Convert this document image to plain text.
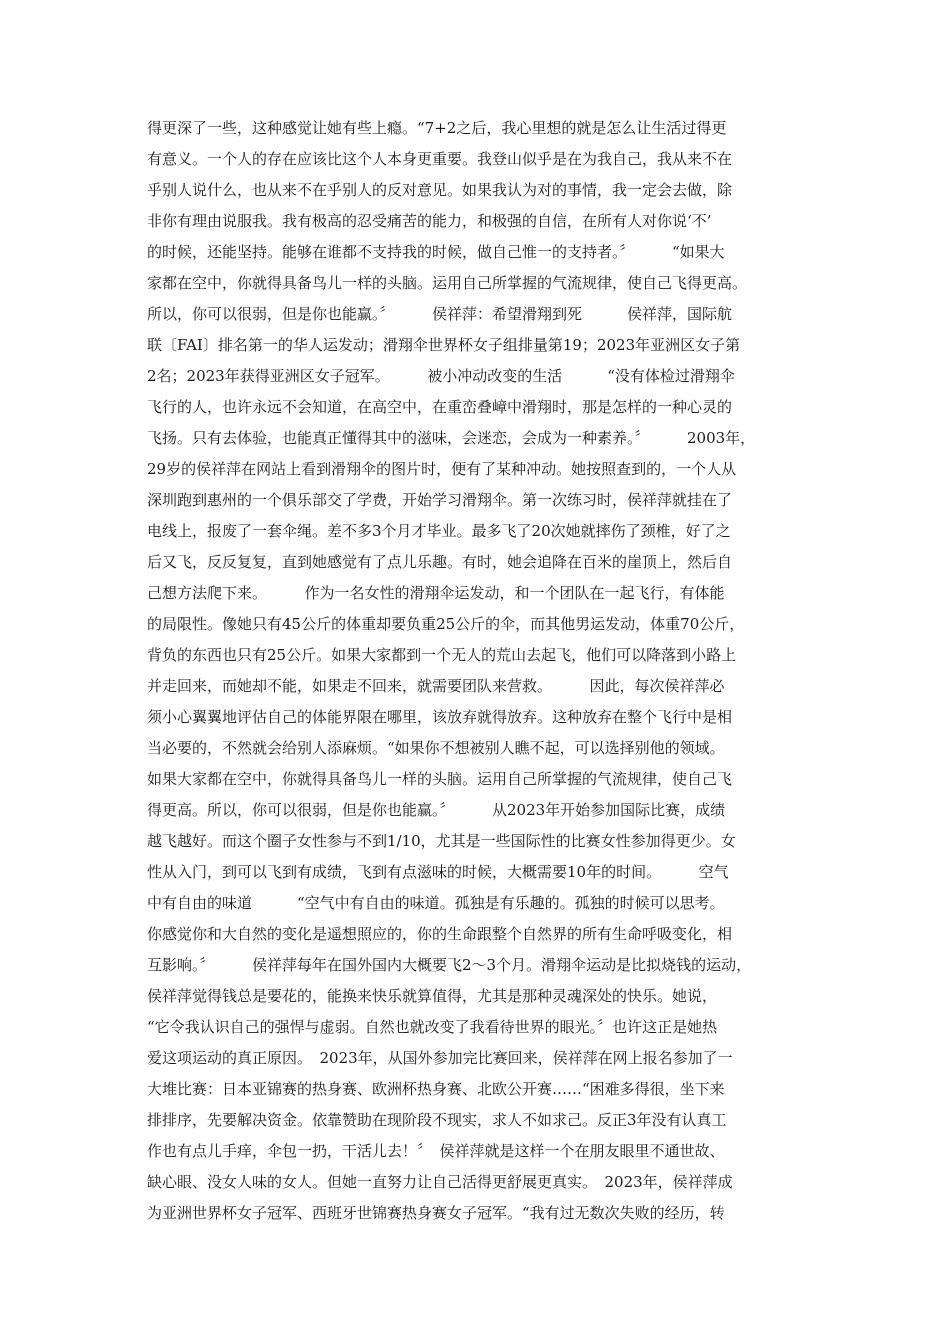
得更深了一些，这种感觉让她有些上瘾。“7+2之后，我心里想的就是怎么让生活过得更
有意义。一个人的存在应该比这个人本身更重要。我登山似乎是在为我自己，我从来不在
乎别人说什么，也从来不在乎别人的反对意见。如果我认为对的事情，我一定会去做，除
非你有理由说服我。我有极高的忍受痛苦的能力，和极强的自信，在所有人对你说‘不’
的时候，还能坚持。能够在谁都不支持我的时候，做自己惟一的支持者。〞　　　“如果大
家都在空中，你就得具备鸟儿一样的头脑。运用自己所掌握的气流规律，使自己飞得更高。
所以，你可以很弱，但是你也能赢。〞　　　侯祥萍：希望滑翔到死　　　侯祥萍，国际航
联〔FAI〕排名第一的华人运发动；滑翔伞世界杯女子组排量第19；2023年亚洲区女子第
2名；2023年获得亚洲区女子冠军。　　　被小冲动改变的生活　　　“没有体检过滑翔伞
飞行的人，也许永远不会知道，在高空中，在重峦叠嶂中滑翔时，那是怎样的一种心灵的
飞扬。只有去体验，也能真正懂得其中的滋味，会迷恋，会成为一种素养。〞　　　2003年，
29岁的侯祥萍在网站上看到滑翔伞的图片时，便有了某种冲动。她按照查到的，一个人从
深圳跑到惠州的一个俱乐部交了学费，开始学习滑翔伞。第一次练习时，侯祥萍就挂在了
电线上，报废了一套伞绳。差不多3个月才毕业。最多飞了20次她就摔伤了颈椎，好了之
后又飞，反反复复，直到她感觉有了点儿乐趣。有时，她会追降在百米的崖顶上，然后自
己想方法爬下来。　　　作为一名女性的滑翔伞运发动，和一个团队在一起飞行，有体能
的局限性。像她只有45公斤的体重却要负重25公斤的伞，而其他男运发动，体重70公斤，
背负的东西也只有25公斤。如果大家都到一个无人的荒山去起飞，他们可以降落到小路上
并走回来，而她却不能，如果走不回来，就需要团队来营救。　　　因此，每次侯祥萍必
须小心翼翼地评估自己的体能界限在哪里，该放弃就得放弃。这种放弃在整个飞行中是相
当必要的，不然就会给别人添麻烦。“如果你不想被别人瞧不起，可以选择别他的领域。
如果大家都在空中，你就得具备鸟儿一样的头脑。运用自己所掌握的气流规律，使自己飞
得更高。所以，你可以很弱，但是你也能赢。〞　　　从2023年开始参加国际比赛，成绩
越飞越好。而这个圈子女性参与不到1/10，尤其是一些国际性的比赛女性参加得更少。女
性从入门，到可以飞到有成绩，飞到有点滋味的时候，大概需要10年的时间。　　　空气
中有自由的味道　　　“空气中有自由的味道。孤独是有乐趣的。孤独的时候可以思考。
你感觉你和大自然的变化是遥想照应的，你的生命跟整个自然界的所有生命呼吸变化，相
互影响。〞　　　侯祥萍每年在国外国内大概要飞2～3个月。滑翔伞运动是比拟烧钱的运动，
侯祥萍觉得钱总是要花的，能换来快乐就算值得，尤其是那种灵魂深处的快乐。她说，
“它令我认识自己的强悍与虚弱。自然也就改变了我看待世界的眼光。〞也许这正是她热
爱这项运动的真正原因。　2023年，从国外参加完比赛回来，侯祥萍在网上报名参加了一
大堆比赛：日本亚锦赛的热身赛、欧洲杯热身赛、北欧公开赛……“困难多得很，坐下来
排排序，先要解决资金。依靠赞助在现阶段不现实，求人不如求己。反正3年没有认真工
作也有点儿手痒，伞包一扔，干活儿去！〞　侯祥萍就是这样一个在朋友眼里不通世故、
缺心眼、没女人味的女人。但她一直努力让自己活得更舒展更真实。　2023年，侯祥萍成
为亚洲世界杯女子冠军、西班牙世锦赛热身赛女子冠军。“我有过无数次失败的经历，转
